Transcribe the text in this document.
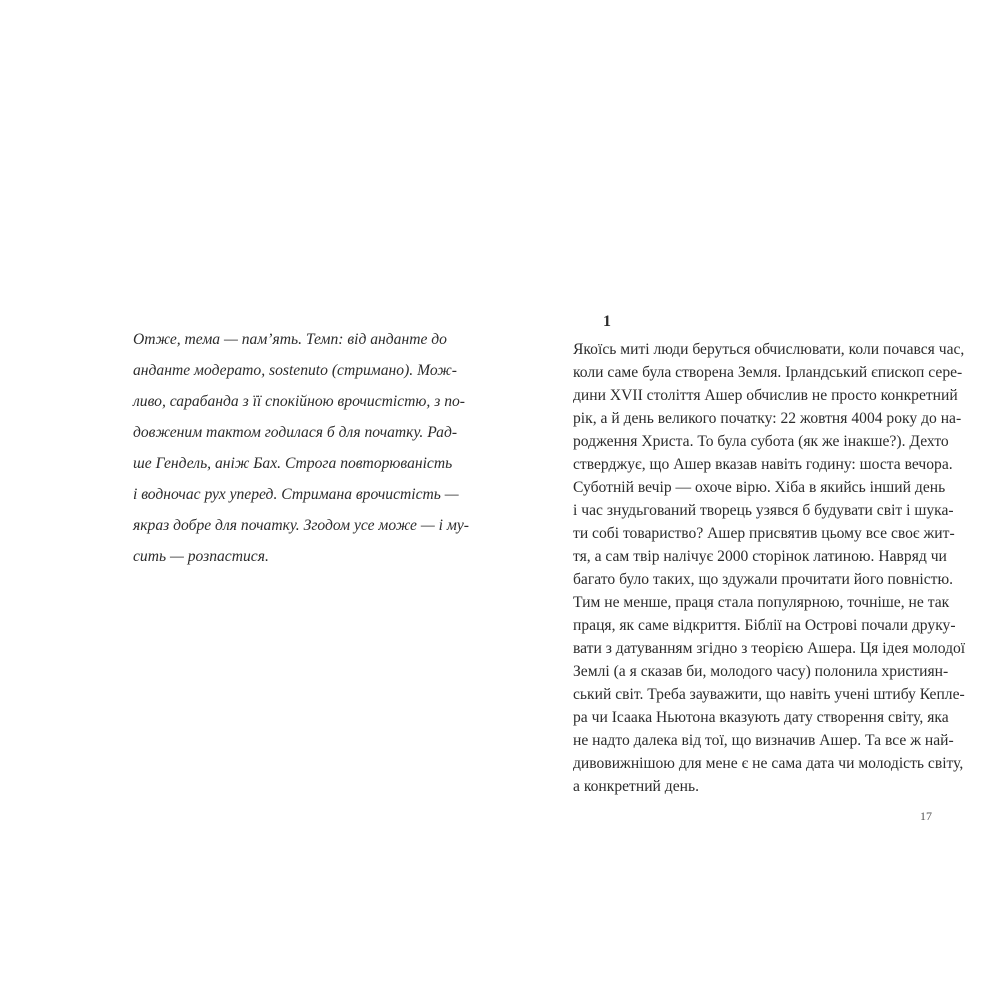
Отже, тема — пам’ять. Темп: від анданте до
анданте модерато, sostenuto (стримано). Мож-
ливо, сарабанда з її спокійною врочистістю, з по-
довженим тактом годилася б для початку. Рад-
ше Гендель, аніж Бах. Строга повторюваність
і водночас рух уперед. Стримана врочистість —
якраз добре для початку. Згодом усе може — і му-
сить — розпастися.
1
Якоїсь миті люди беруться обчислювати, коли почався час,
коли саме була створена Земля. Ірландський єпископ сере-
дини XVII століття Ашер обчислив не просто конкретний
рік, а й день великого початку: 22 жовтня 4004 року до на-
родження Христа. То була субота (як же інакше?). Дехто
стверджує, що Ашер вказав навіть годину: шоста вечора.
Суботній вечір — охоче вірю. Хіба в якийсь інший день
і час знудьгований творець узявся б будувати світ і шука-
ти собі товариство? Ашер присвятив цьому все своє жит-
тя, а сам твір налічує 2000 сторінок латиною. Навряд чи
багато було таких, що здужали прочитати його повністю.
Тим не менше, праця стала популярною, точніше, не так
праця, як саме відкриття. Біблії на Острові почали друку-
вати з датуванням згідно з теорією Ашера. Ця ідея молодої
Землі (а я сказав би, молодого часу) полонила християн-
ський світ. Треба зауважити, що навіть учені штибу Кепле-
ра чи Ісаака Ньютона вказують дату створення світу, яка
не надто далека від тої, що визначив Ашер. Та все ж най-
дивовижнішою для мене є не сама дата чи молодість світу,
а конкретний день.
17
